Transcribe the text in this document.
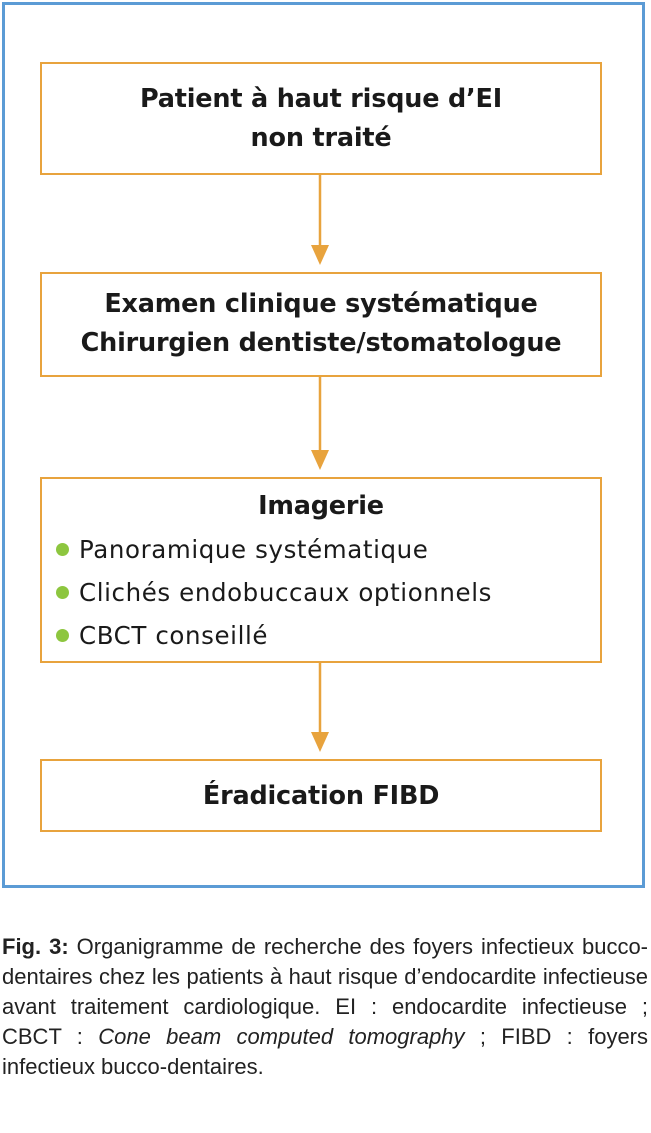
Patient à haut risque d’EI
non traité
Examen clinique systématique
Chirurgien dentiste/stomatologue
Imagerie
Panoramique systématique
Clichés endobuccaux optionnels
CBCT conseillé
Éradication FIBD
Fig. 3: Organigramme de recherche des foyers infectieux bucco-dentaires chez les patients à haut risque d’endocardite infectieuse avant traitement cardiologique. EI : endocardite infectieuse ; CBCT : Cone beam computed tomography ; FIBD : foyers infectieux bucco-dentaires.
